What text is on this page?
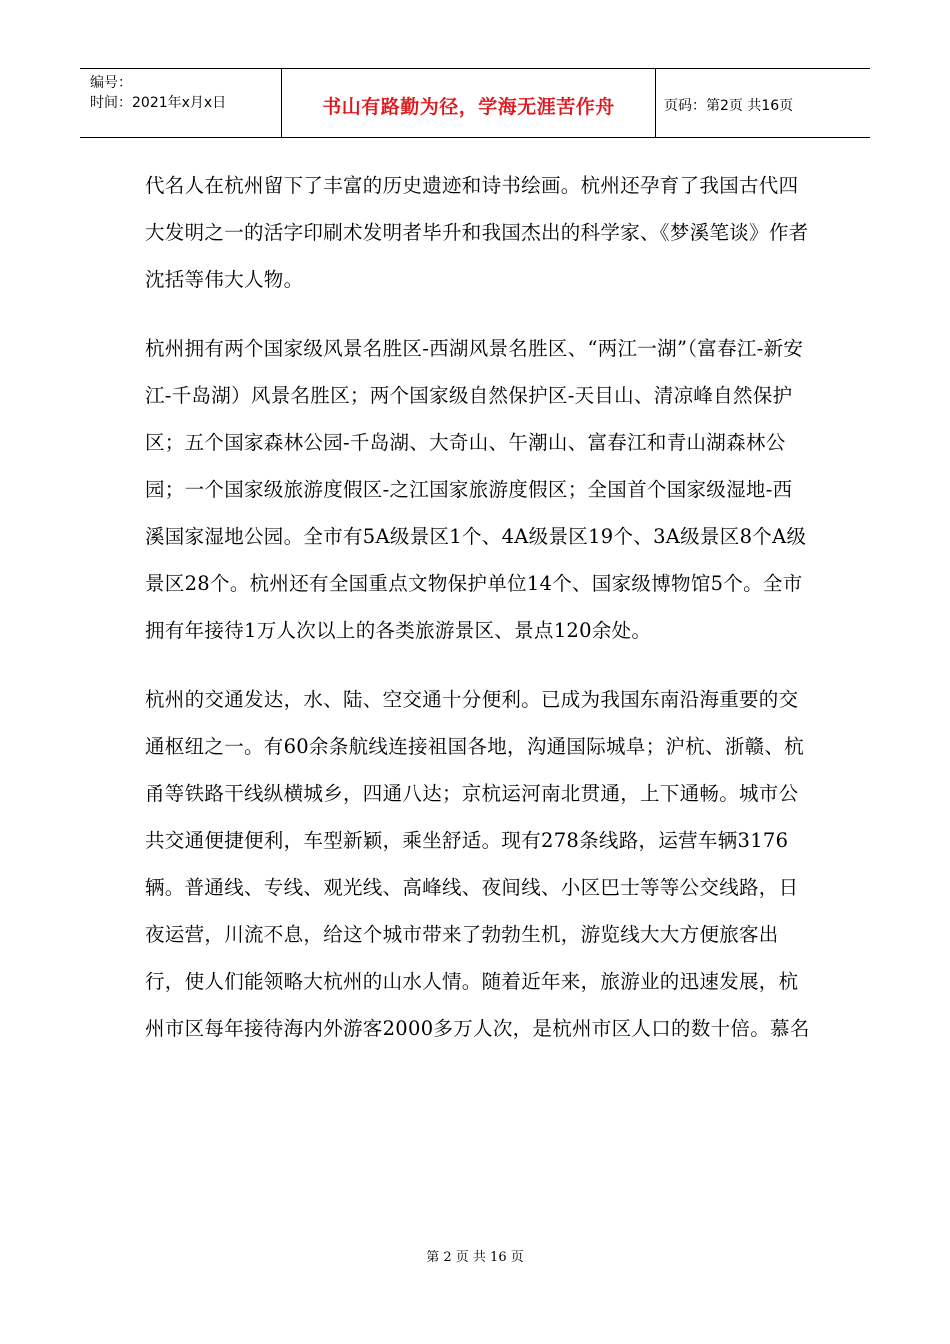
编号：
时间：2021年x月x日	书山有路勤为径，学海无涯苦作舟	页码：第2页 共16页

代名人在杭州留下了丰富的历史遗迹和诗书绘画。杭州还孕育了我国古代四大发明之一的活字印刷术发明者毕升和我国杰出的科学家、《梦溪笔谈》作者沈括等伟大人物。

杭州拥有两个国家级风景名胜区-西湖风景名胜区、“两江一湖”（富春江-新安江-千岛湖）风景名胜区；两个国家级自然保护区-天目山、清凉峰自然保护区；五个国家森林公园-千岛湖、大奇山、午潮山、富春江和青山湖森林公园；一个国家级旅游度假区-之江国家旅游度假区；全国首个国家级湿地-西溪国家湿地公园。全市有5A级景区1个、4A级景区19个、3A级景区8个A级景区28个。杭州还有全国重点文物保护单位14个、国家级博物馆5个。全市拥有年接待1万人次以上的各类旅游景区、景点120余处。

杭州的交通发达，水、陆、空交通十分便利。已成为我国东南沿海重要的交通枢纽之一。有60余条航线连接祖国各地，沟通国际城阜；沪杭、浙赣、杭甬等铁路干线纵横城乡，四通八达；京杭运河南北贯通，上下通畅。城市公共交通便捷便利，车型新颖，乘坐舒适。现有278条线路，运营车辆3176辆。普通线、专线、观光线、高峰线、夜间线、小区巴士等等公交线路，日夜运营，川流不息，给这个城市带来了勃勃生机，游览线大大方便旅客出行，使人们能领略大杭州的山水人情。随着近年来，旅游业的迅速发展，杭州市区每年接待海内外游客2000多万人次，是杭州市区人口的数十倍。慕名

第 2 页 共 16 页
